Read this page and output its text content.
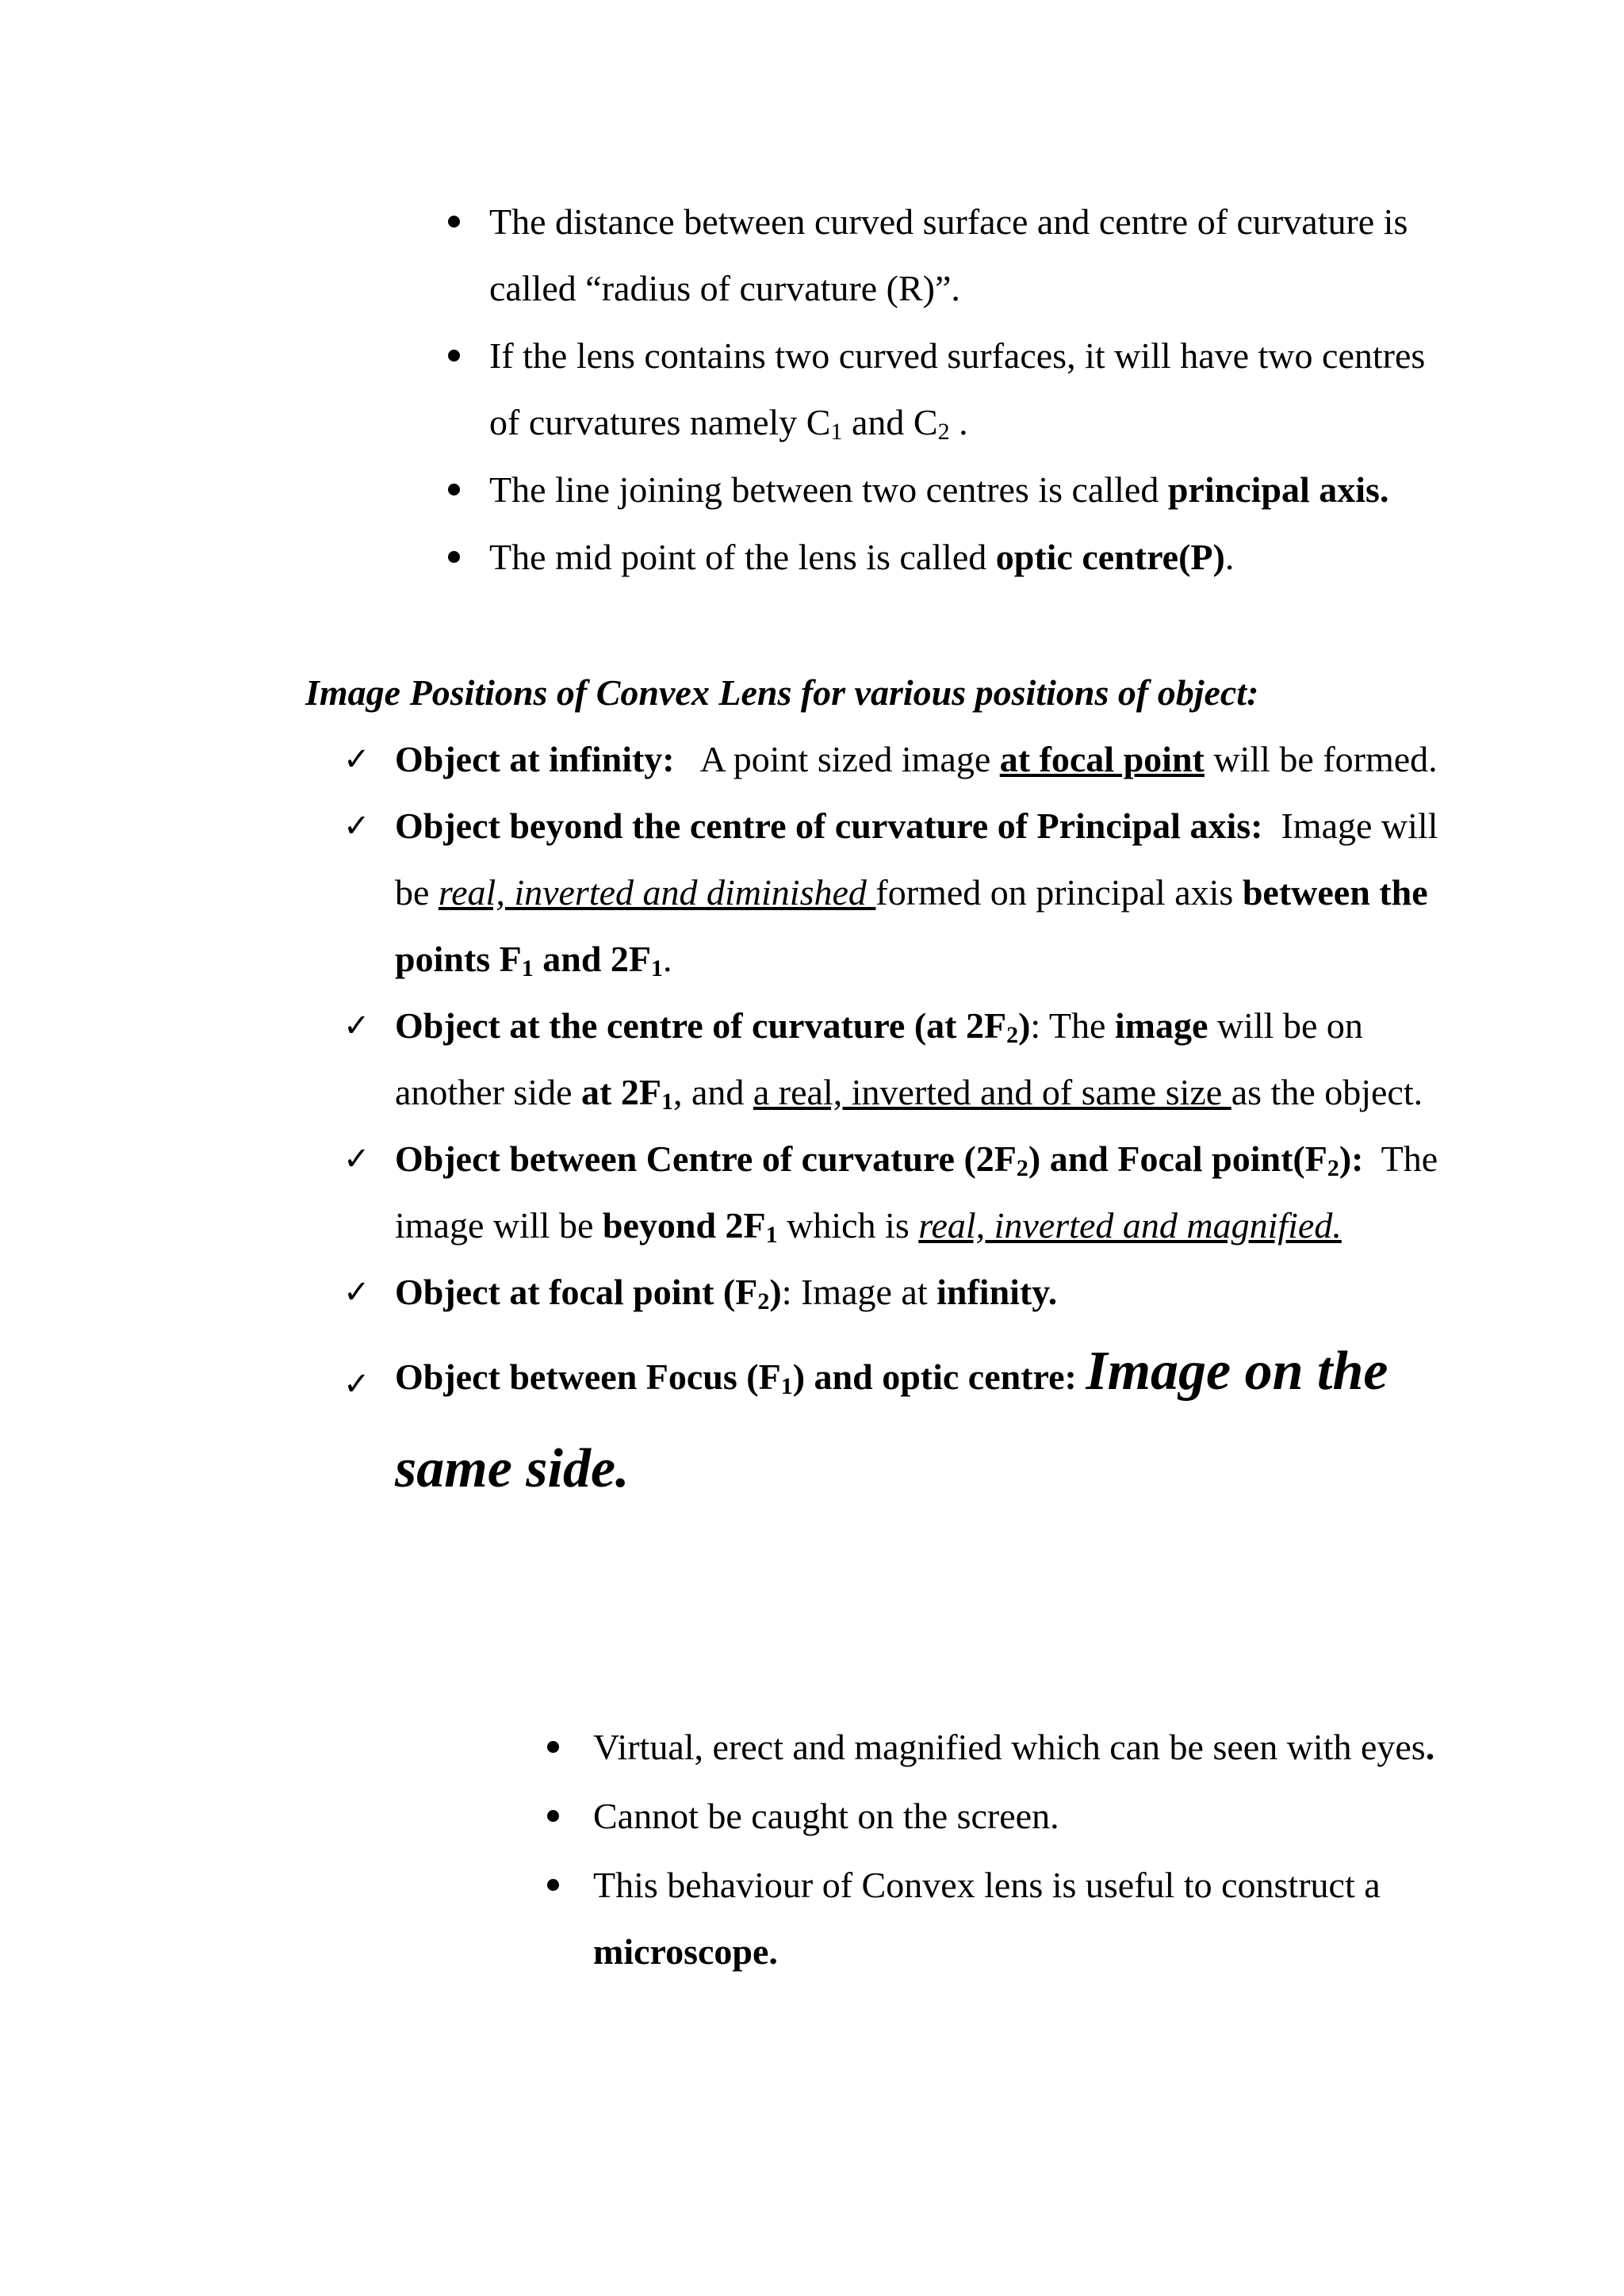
The distance between curved surface and centre of curvature is called “radius of curvature (R)”.
If the lens contains two curved surfaces, it will have two centres of curvatures namely $C_1$ and $C_2$ .
The line joining between two centres is called principal axis.
The mid point of the lens is called optic centre(P).

Image Positions of Convex Lens for various positions of object:

✓ Object at infinity:   A point sized image at focal point will be formed.
✓ Object beyond the centre of curvature of Principal axis:  Image will be real, inverted and diminished formed on principal axis between the points $F_1$ and $2F_1$.
✓ Object at the centre of curvature (at $2F_2$): The image will be on another side at $2F_1$, and a real, inverted and of same size as the object.
✓ Object between Centre of curvature $(2F_2)$ and Focal $point(F_2)$:  The image will be beyond $2F_1$ which is real, inverted and magnified.
✓ Object at focal point $(F_2)$: Image at infinity.
✓ Object between Focus $(F_1)$ and optic centre: Image on the same side.
Virtual, erect and magnified which can be seen with eyes.
Cannot be caught on the screen.
This behaviour of Convex lens is useful to construct a microscope.
